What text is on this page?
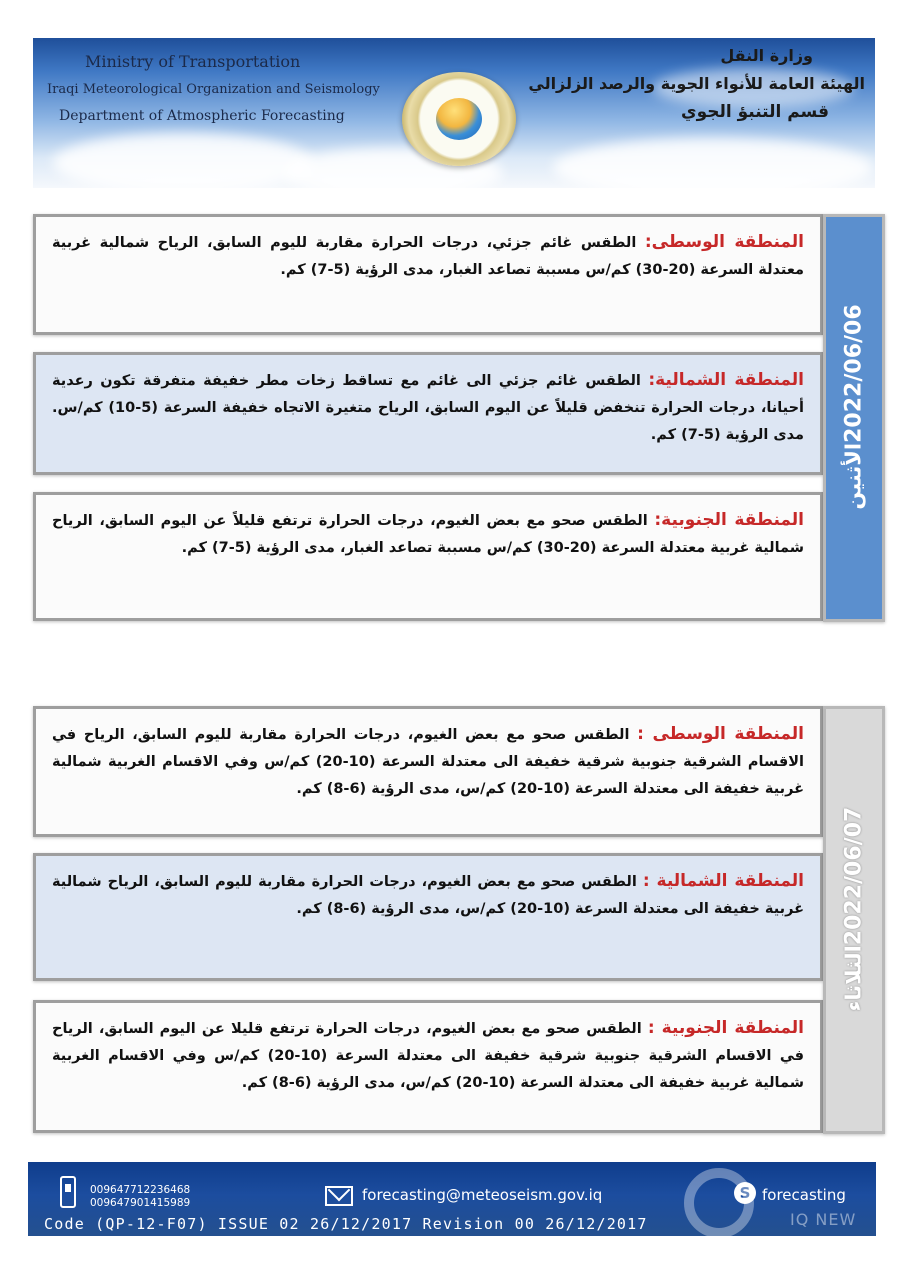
Ministry of Transportation
Iraqi Meteorological Organization and Seismology
Department of Atmospheric Forecasting
وزارة النقل
الهيئة العامة للأنواء الجوية والرصد الزلزالي
قسم التنبؤ الجوي

المنطقة الوسطى: الطقس غائم جزئي، درجات الحرارة مقاربة لليوم السابق، الرياح شمالية غربية معتدلة السرعة (20-30) كم/س مسببة تصاعد الغبار، مدى الرؤية (5-7) كم.

المنطقة الشمالية: الطقس غائم جزئي الى غائم مع تساقط زخات مطر خفيفة متفرقة تكون رعدية أحيانا، درجات الحرارة تنخفض قليلاً عن اليوم السابق، الرياح متغيرة الاتجاه خفيفة السرعة (5-10) كم/س. مدى الرؤية (5-7) كم.

المنطقة الجنوبية: الطقس صحو مع بعض الغيوم، درجات الحرارة ترتفع قليلاً عن اليوم السابق، الرياح شمالية غربية معتدلة السرعة (20-30) كم/س مسببة تصاعد الغبار، مدى الرؤية (5-7) كم.

2022/06/06الأثنين

المنطقة الوسطى : الطقس صحو مع بعض الغيوم، درجات الحرارة مقاربة لليوم السابق، الرياح في الاقسام الشرقية جنوبية شرقية خفيفة الى معتدلة السرعة (10-20) كم/س وفي الاقسام الغربية شمالية غربية خفيفة الى معتدلة السرعة (10-20) كم/س، مدى الرؤية (6-8) كم.

المنطقة الشمالية : الطقس صحو مع بعض الغيوم، درجات الحرارة مقاربة لليوم السابق، الرياح شمالية غربية خفيفة الى معتدلة السرعة (10-20) كم/س، مدى الرؤية (6-8) كم.

المنطقة الجنوبية : الطقس صحو مع بعض الغيوم، درجات الحرارة ترتفع قليلا عن اليوم السابق، الرياح في الاقسام الشرقية جنوبية شرقية خفيفة الى معتدلة السرعة (10-20) كم/س وفي الاقسام الغربية شمالية غربية خفيفة الى معتدلة السرعة (10-20) كم/س، مدى الرؤية (6-8) كم.

2022/06/07الثلاثاء
009647712236468
009647901415989	forecasting@meteoseism.gov.iq	S forecasting
Code (QP-12-F07) ISSUE 02 26/12/2017 Revision 00 26/12/2017	IQ NEW
